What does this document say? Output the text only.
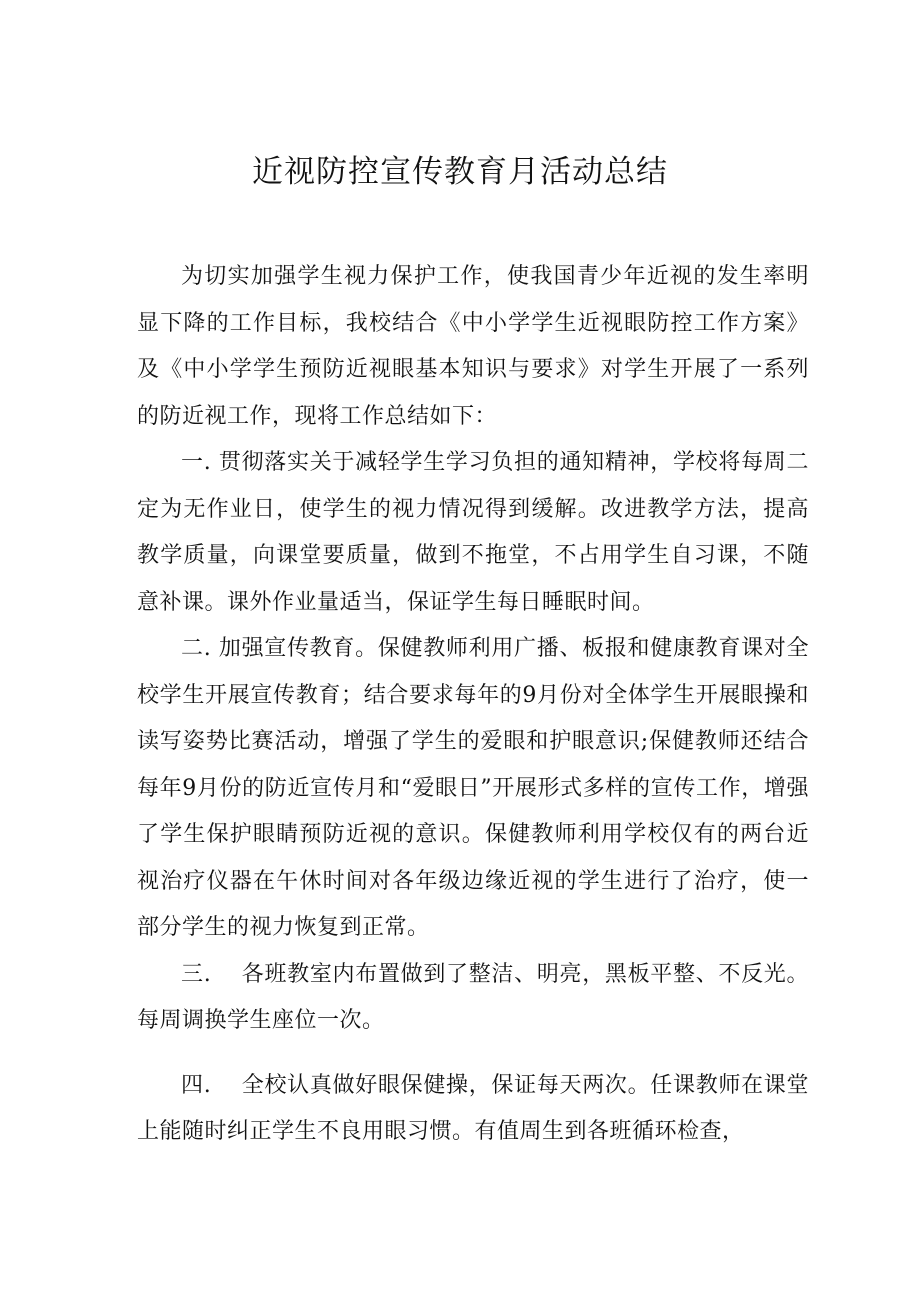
近视防控宣传教育月活动总结

为切实加强学生视力保护工作，使我国青少年近视的发生率明显下降的工作目标，我校结合《中小学学生近视眼防控工作方案》及《中小学学生预防近视眼基本知识与要求》对学生开展了一系列的防近视工作，现将工作总结如下：

一. 贯彻落实关于减轻学生学习负担的通知精神，学校将每周二定为无作业日，使学生的视力情况得到缓解。改进教学方法，提高教学质量，向课堂要质量，做到不拖堂，不占用学生自习课，不随意补课。课外作业量适当，保证学生每日睡眠时间。

二. 加强宣传教育。保健教师利用广播、板报和健康教育课对全校学生开展宣传教育；结合要求每年的9月份对全体学生开展眼操和读写姿势比赛活动，增强了学生的爱眼和护眼意识;保健教师还结合每年9月份的防近宣传月和“爱眼日”开展形式多样的宣传工作，增强了学生保护眼睛预防近视的意识。保健教师利用学校仅有的两台近视治疗仪器在午休时间对各年级边缘近视的学生进行了治疗，使一部分学生的视力恢复到正常。

三.　 各班教室内布置做到了整洁、明亮，黑板平整、不反光。每周调换学生座位一次。

四.　 全校认真做好眼保健操，保证每天两次。任课教师在课堂上能随时纠正学生不良用眼习惯。有值周生到各班循环检查，
